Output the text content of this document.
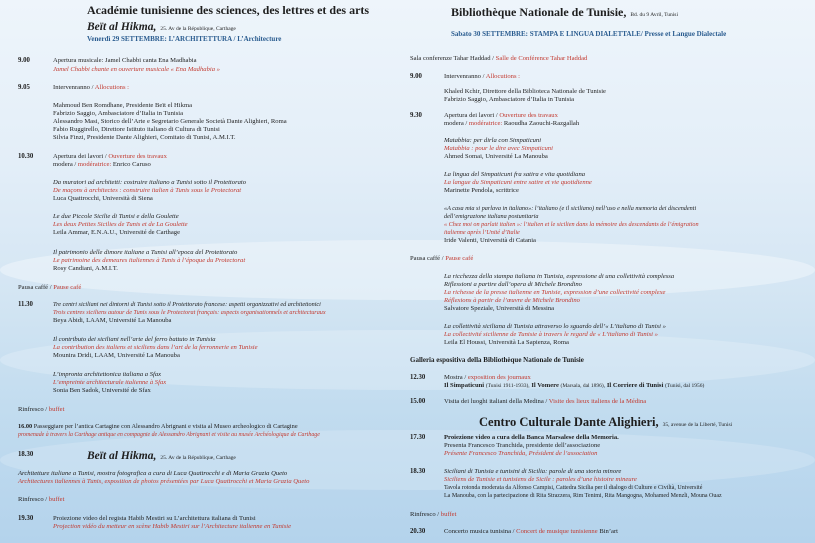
Académie tunisienne des sciences, des lettres et des arts
Beït al Hikma, 25. Av de la République, Carthage
Venerdì 29 SETTEMBRE: L’ARCHITETTURA / L’Architecture
9.00	Apertura musicale: Jamel Chabbi canta Ena Madhabia
Jamel Chabbi chante en ouverture musicale « Ena Madhabia »
9.05	Intervenranno / Allocutions :
Mahmoud Ben Romdhane, Presidente Beït el Hikma
Fabrizio Saggio, Ambasciatore d’Italia in Tunisia
Alessandro Masi, Storico dell’Arte e Segretario Generale Società Dante Alighieri, Roma
Fabio Ruggirello, Direttore Istituto italiano di Cultura di Tunisi
Silvia Finzi, Presidente Dante Alighieri, Comitato di Tunisi, A.M.I.T.
10.30	Apertura dei lavori / Ouverture des travaux
modera / modératrice: Enrico Caruso
Da muratori ad architetti: costruire italiano a Tunisi sotto il Protettorato
De maçons à architectes : construire italien à Tunis sous le Protectorat
Luca Quattrocchi, Università di Siena
Le due Piccole Sicilie di Tunisi e della Goulette
Les deux Petites Sicilies de Tunis et de La Goulette
Leila Ammar, E.N.A.U., Université de Carthage
Il patrimonio delle dimore italiane a Tunisi all’epoca del Protettorato
Le patrimoine des demeures italiennes à Tunis à l’époque du Protectorat
Rosy Candiani, A.M.I.T.
Pausa caffé / Pause café
11.30	Tre centri siciliani nei dintorni di Tunisi sotto il Protettorato francese: aspetti organizzativi ed architettonici
Trois centres siciliens autour de Tunis sous le Protectorat français: aspects organisationnels et architecturaux
Beya Abidi, LAAM, Université La Manouba
Il contributo dei siciliani nell’arte del ferro battuto in Tunisia
La contribution des italiens et siciliens dans l’art de la ferronnerie en Tunisie
Mounira Dridi, LAAM, Université La Manouba
L’impronta architettonica italiana a Sfax
L’empreinte architecturale italienne à Sfax
Sonia Ben Sadok, Université de Sfax
Rinfresco / buffet
16.00 Passeggiare per l’antica Cartagine con Alessandro Abrignani e visita al Museo archeologico di Cartagine
promenade à travers la Carthage antique en compagnie de Alessandro Abrignani et visite au musée Archéologique de Carthage
18.30	Beït al Hikma, 25. Av de la République, Carthage
Architetture italiane a Tunisi, mostra fotografica a cura di Luca Quattrocchi e di Maria Grazia Queto
Architectures italiennes à Tunis, exposition de photos présentées par Luca Quattrocchi et Maria Grazia Queto
Rinfresco / buffet
19.30	Proiezione video del regista Habib Mestiri su L’architettura italiana di Tunisi
Projection vidéo du metteur en scène Habib Mestiri sur l’Architecture italienne en Tunisie
Bibliothèque Nationale de Tunisie, Bd. du 9 Avril, Tunisi
Sabato 30 SETTEMBRE: STAMPA E LINGUA DIALETTALE/ Presse et Langue Dialectale
Sala conferenze Tahar Haddad / Salle de Conférence Tahar Haddad
9.00	Intervenranno / Allocutions :
Khaled Kchir, Direttore della Biblioteca Nationale de Tunisie
Fabrizio Saggio, Ambasciatore d’Italia in Tunisia
9.30	Apertura dei lavori / Ouverture des travaux
modera / modératrice: Raoudha Zaouchi-Razgallah
Matabbia: per dirla con Simpaticuni
Matabbia : pour le dire avec Simpaticuni
Ahmed Somai, Université La Manouba
La lingua del Simpaticuni fra satira e vita quotidiana
La langue du Simpaticuni entre satire et vie quotidienne
Marinette Pendola, scrittrice
«A casa mia si parlava in italiano»: l’italiano (e il siciliano) nell’uso e nella memoria dei discendenti
dell’emigrazione italiana postunitaria
« Chez moi on parlait italien »: l’italien et le sicilien dans la mémoire des descendants de l’émigration
italienne après l’Unité d’Italie
Iride Valenti, Università di Catania
Pausa caffé / Pause café
La ricchezza della stampa italiana in Tunisia, espressione di una collettività complessa
Riflessioni a partire dall’opera di Michele Brondino
La richesse de la presse italienne en Tunisie, expression d’une collectivité complexe
Réflexions à partir de l’œuvre de Michele Brondino
Salvatore Speziale, Università di Messina
La collettività siciliana di Tunisia attraverso lo sguardo dell’« L’italiano di Tunisi »
La collectivité sicilienne de Tunisie à travers le regard de « L’italiano di Tunisi »
Leila El Houssi, Università La Sapienza, Roma
Galleria espositiva della Bibliothèque Nationale de Tunisie
12.30	Mostra / exposition des journaux
Il Simpaticuni (Tunisi 1911-1933), Il Vomere (Marsala, dal 1896), Il Corriere di Tunisi (Tunisi, dal 1956)
15.00	Visita dei luoghi italiani della Medina / Visite des lieux italiens de la Médina
Centro Culturale Dante Alighieri, 35, avenue de la Liberté, Tunisi
17.30	Proiezione video a cura della Banca Marsalese della Memoria.
Presenta Francesco Tranchida, presidente dell’associazione
Présente Francesco Tranchida, Président de l’association
18.30	Siciliani di Tunisia e tunisini di Sicilia: parole di una storia minore
Siciliens de Tunisie et tunisiens de Sicile : paroles d’une histoire mineure
Tavola rotonda moderata da Alfonso Campisi, Cattedra Sicilia per il dialogo di Culture e Civiltà, Université
La Manouba, con la partecipazione di Rita Strazzera, Rim Tenimi, Rita Mangogna, Mohamed Menzli, Mouna Ouaz
Rinfresco / buffet
20.30	Concerto musica tunisina / Concert de musique tunisienne Bin’art
